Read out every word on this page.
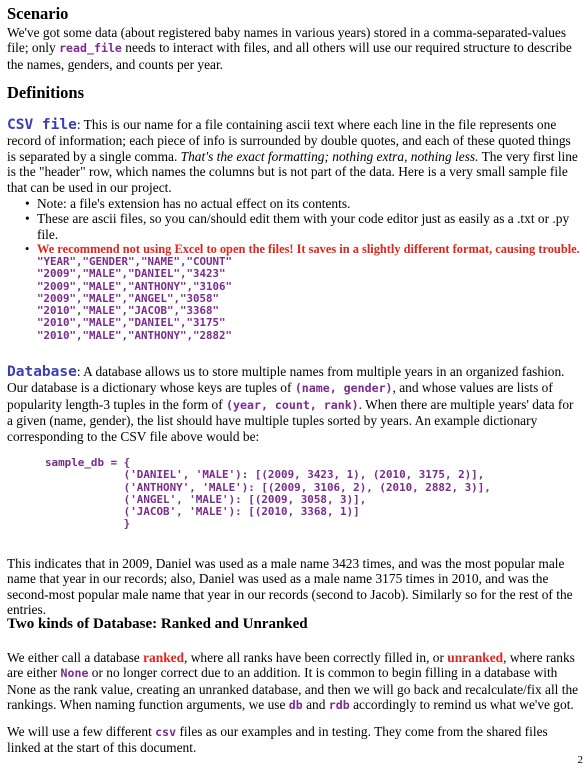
Scenario

We've got some data (about registered baby names in various years) stored in a comma-separated-values file; only read_file needs to interact with files, and all others will use our required structure to describe the names, genders, and counts per year.

Definitions

CSV file: This is our name for a file containing ascii text where each line in the file represents one record of information; each piece of info is surrounded by double quotes, and each of these quoted things is separated by a single comma. That's the exact formatting; nothing extra, nothing less. The very first line is the "header" row, which names the columns but is not part of the data. Here is a very small sample file that can be used in our project.

• Note: a file's extension has no actual effect on its contents.
• These are ascii files, so you can/should edit them with your code editor just as easily as a .txt or .py file.
• We recommend not using Excel to open the files! It saves in a slightly different format, causing trouble.
"YEAR","GENDER","NAME","COUNT"
"2009","MALE","DANIEL","3423"
"2009","MALE","ANTHONY","3106"
"2009","MALE","ANGEL","3058"
"2010","MALE","JACOB","3368"
"2010","MALE","DANIEL","3175"
"2010","MALE","ANTHONY","2882"

Database: A database allows us to store multiple names from multiple years in an organized fashion. Our database is a dictionary whose keys are tuples of (name, gender), and whose values are lists of popularity length-3 tuples in the form of (year, count, rank). When there are multiple years' data for a given (name, gender), the list should have multiple tuples sorted by years. An example dictionary corresponding to the CSV file above would be:

sample_db = {
('DANIEL', 'MALE'): [(2009, 3423, 1), (2010, 3175, 2)],
('ANTHONY', 'MALE'): [(2009, 3106, 2), (2010, 2882, 3)],
('ANGEL', 'MALE'): [(2009, 3058, 3)],
('JACOB', 'MALE'): [(2010, 3368, 1)]
}

This indicates that in 2009, Daniel was used as a male name 3423 times, and was the most popular male name that year in our records; also, Daniel was used as a male name 3175 times in 2010, and was the second-most popular male name that year in our records (second to Jacob). Similarly so for the rest of the entries.

Two kinds of Database: Ranked and Unranked

We either call a database ranked, where all ranks have been correctly filled in, or unranked, where ranks are either None or no longer correct due to an addition. It is common to begin filling in a database with None as the rank value, creating an unranked database, and then we will go back and recalculate/fix all the rankings. When naming function arguments, we use db and rdb accordingly to remind us what we've got.

We will use a few different csv files as our examples and in testing. They come from the shared files linked at the start of this document.

2
